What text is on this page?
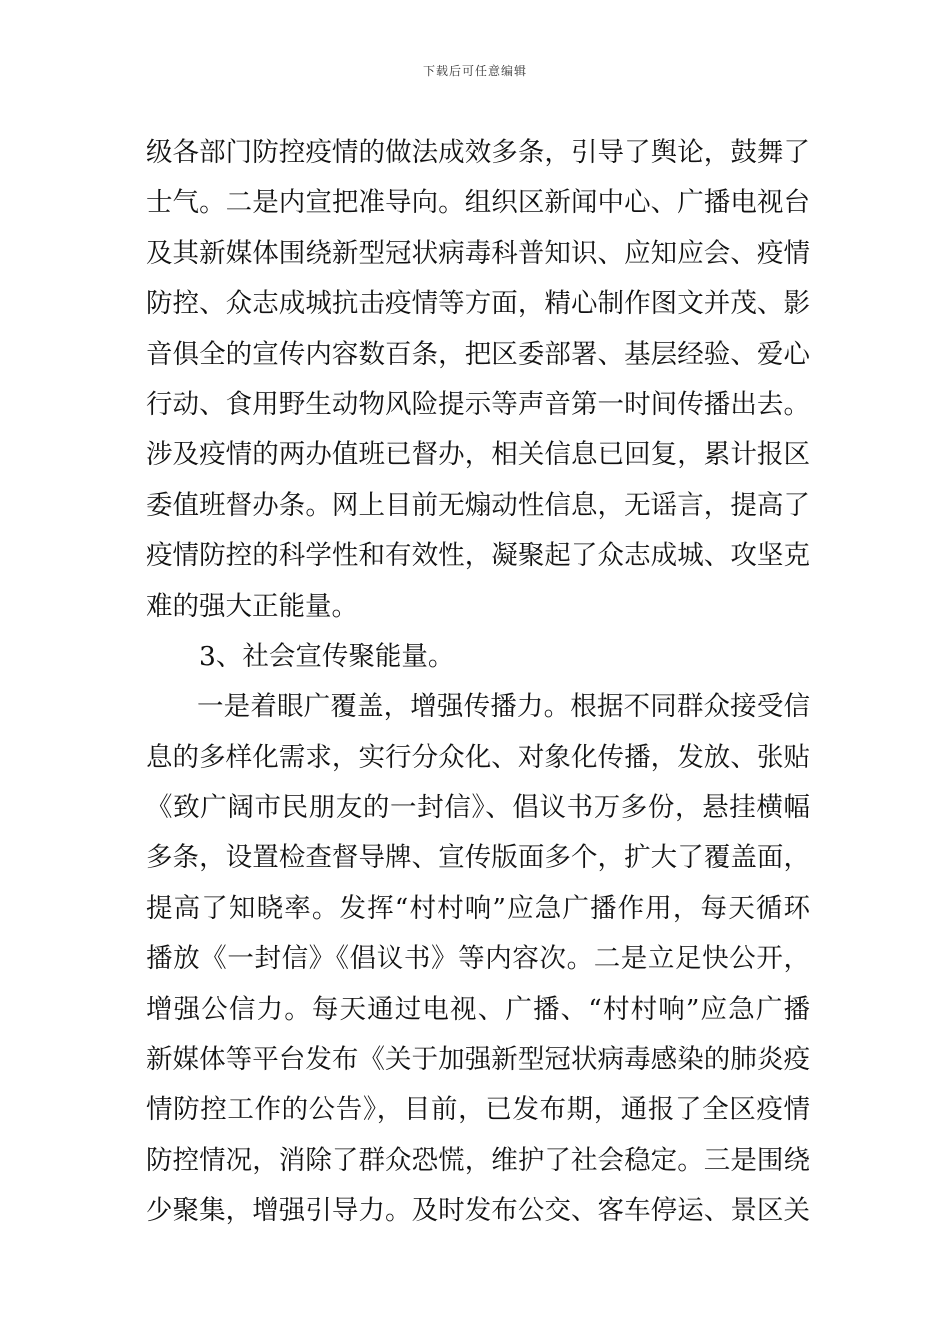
下载后可任意编辑
级各部门防控疫情的做法成效多条，引导了舆论，鼓舞了
士气。二是内宣把准导向。组织区新闻中心、广播电视台
及其新媒体围绕新型冠状病毒科普知识、应知应会、疫情
防控、众志成城抗击疫情等方面，精心制作图文并茂、影
音俱全的宣传内容数百条，把区委部署、基层经验、爱心
行动、食用野生动物风险提示等声音第一时间传播出去。
涉及疫情的两办值班已督办，相关信息已回复，累计报区
委值班督办条。网上目前无煽动性信息，无谣言，提高了
疫情防控的科学性和有效性，凝聚起了众志成城、攻坚克
难的强大正能量。
3、社会宣传聚能量。
一是着眼广覆盖，增强传播力。根据不同群众接受信
息的多样化需求，实行分众化、对象化传播，发放、张贴
《致广阔市民朋友的一封信》、倡议书万多份，悬挂横幅
多条，设置检查督导牌、宣传版面多个，扩大了覆盖面，
提高了知晓率。发挥“村村响”应急广播作用，每天循环
播放《一封信》《倡议书》等内容次。二是立足快公开，
增强公信力。每天通过电视、广播、“村村响”应急广播
新媒体等平台发布《关于加强新型冠状病毒感染的肺炎疫
情防控工作的公告》，目前，已发布期，通报了全区疫情
防控情况，消除了群众恐慌，维护了社会稳定。三是围绕
少聚集，增强引导力。及时发布公交、客车停运、景区关
